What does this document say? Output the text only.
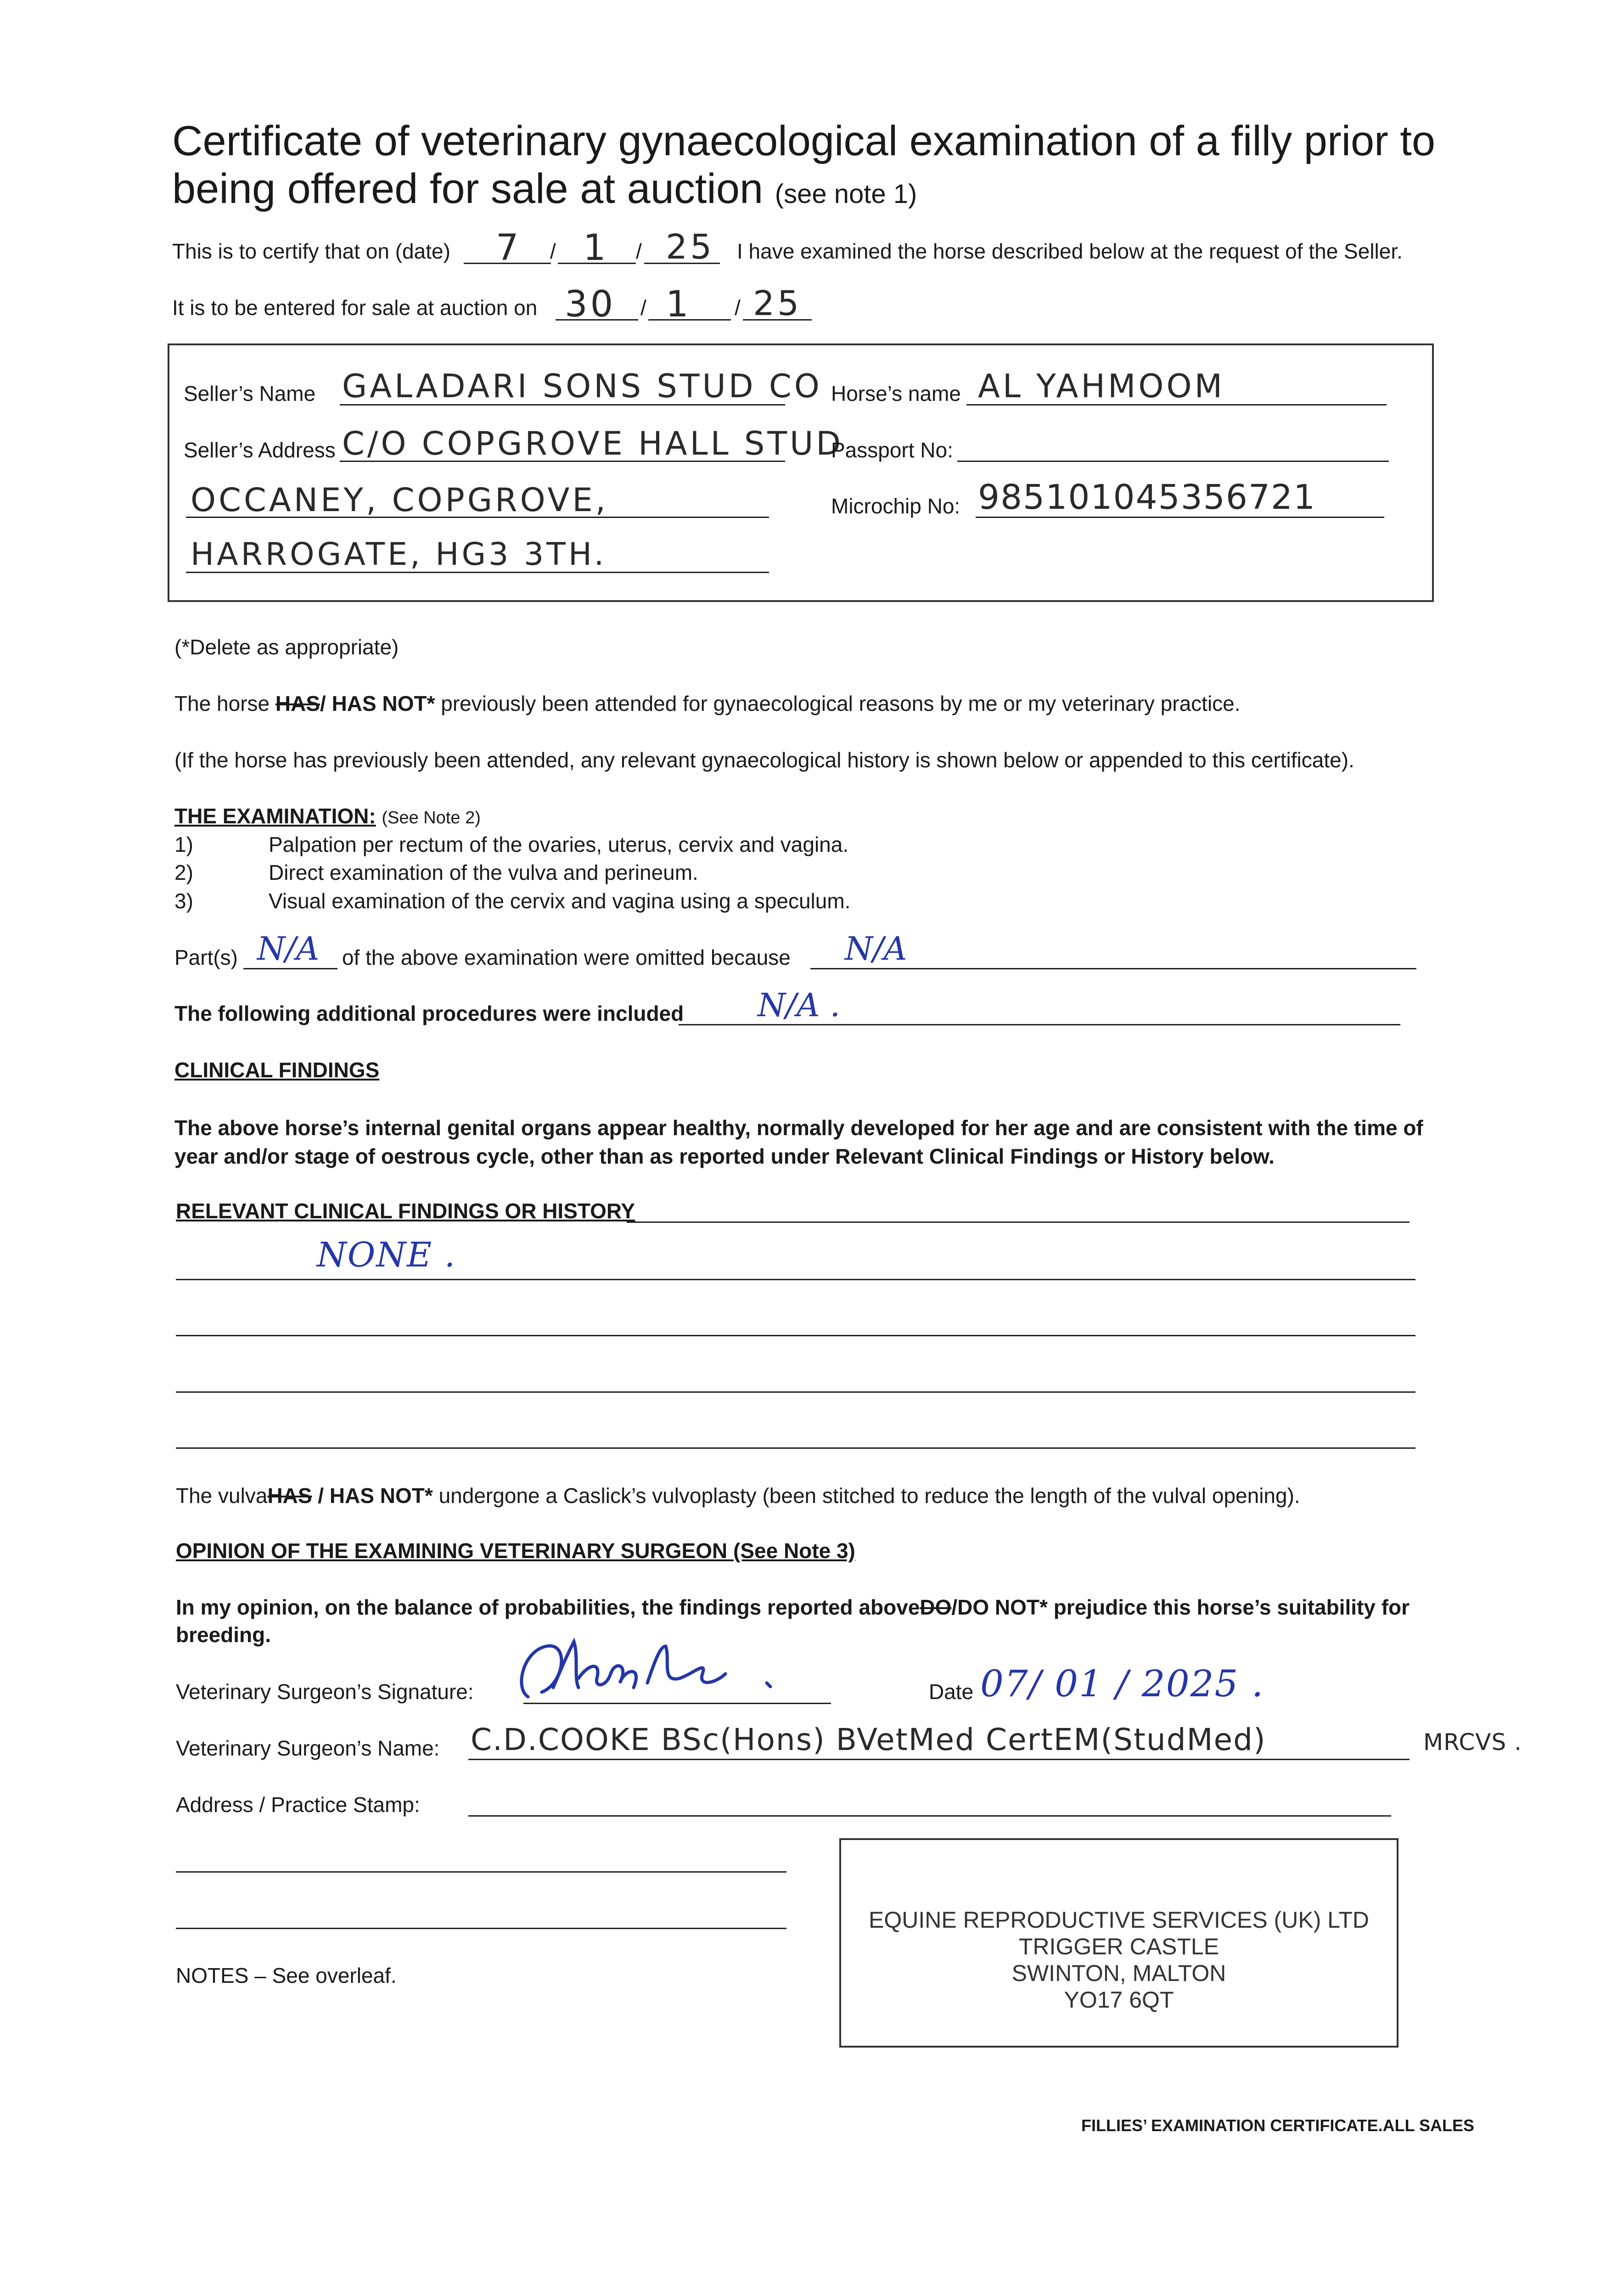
Certificate of veterinary gynaecological examination of a filly prior to being offered for sale at auction (see note 1)
This is to certify that on (date) 7 / 1 / 25 I have examined the horse described below at the request of the Seller.
It is to be entered for sale at auction on 30 / 1 / 25
Seller’s Name GALADARI SONS STUD CO
Seller’s Address C/O COPGROVE HALL STUD
OCCANEY, COPGROVE,
HARROGATE, HG3 3TH.
Horse’s name AL YAHMOOM
Passport No:
Microchip No: 985101045356721
(*Delete as appropriate)
The horse HAS/ HAS NOT* previously been attended for gynaecological reasons by me or my veterinary practice.
(If the horse has previously been attended, any relevant gynaecological history is shown below or appended to this certificate).
THE EXAMINATION: (See Note 2)
1)	Palpation per rectum of the ovaries, uterus, cervix and vagina.
2)	Direct examination of the vulva and perineum.
3)	Visual examination of the cervix and vagina using a speculum.
Part(s) N/A of the above examination were omitted because N/A
The following additional procedures were included N/A .
CLINICAL FINDINGS
The above horse’s internal genital organs appear healthy, normally developed for her age and are consistent with the time of year and/or stage of oestrous cycle, other than as reported under Relevant Clinical Findings or History below.
RELEVANT CLINICAL FINDINGS OR HISTORY
NONE .
The vulvaHAS / HAS NOT* undergone a Caslick’s vulvoplasty (been stitched to reduce the length of the vulval opening).
OPINION OF THE EXAMINING VETERINARY SURGEON (See Note 3)
In my opinion, on the balance of probabilities, the findings reported aboveDO/DO NOT* prejudice this horse’s suitability for
breeding.
Veterinary Surgeon’s Signature:	Date 07/ 01 / 2025 .
Veterinary Surgeon’s Name: C.D.COOKE BSc(Hons) BVetMed CertEM(StudMed)	MRCVS .
Address / Practice Stamp:
EQUINE REPRODUCTIVE SERVICES (UK) LTD
TRIGGER CASTLE
SWINTON, MALTON
YO17 6QT
NOTES – See overleaf.
FILLIES’ EXAMINATION CERTIFICATE.ALL SALES
